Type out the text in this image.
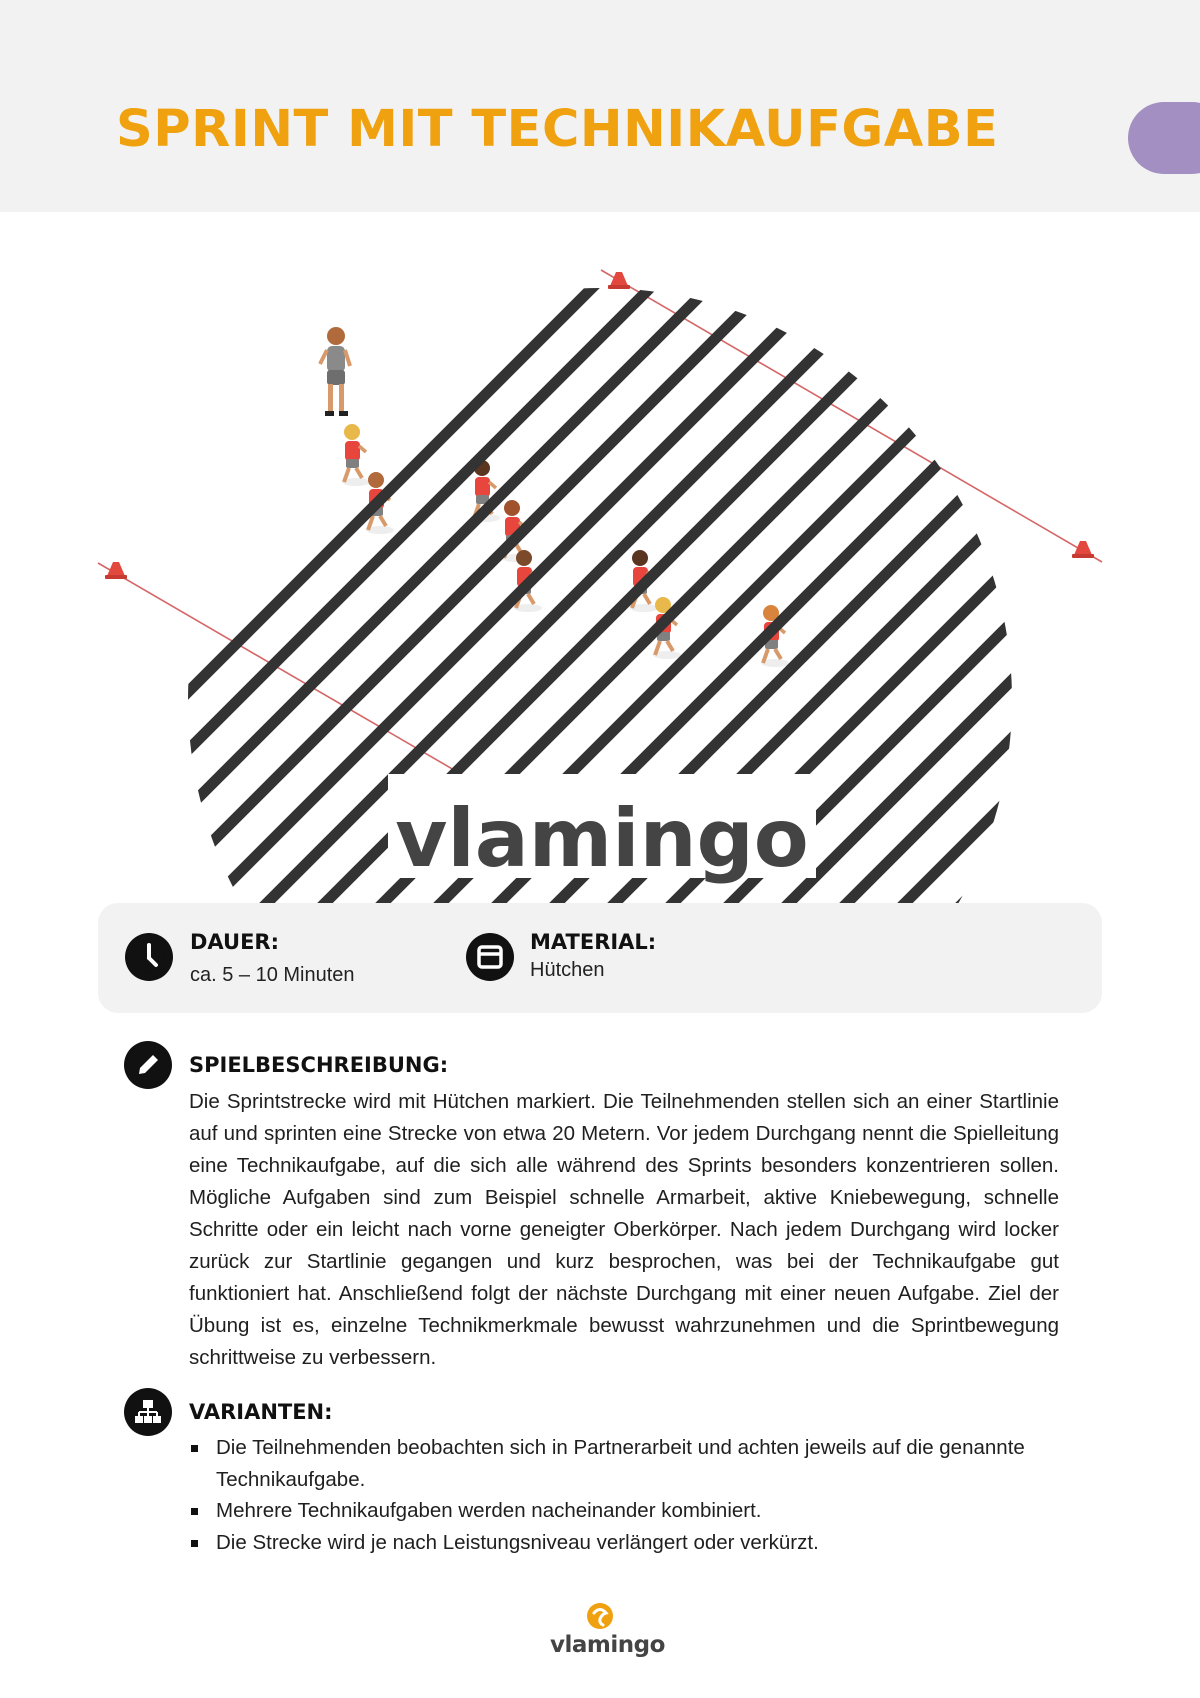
SPRINT MIT TECHNIKAUFGABE
vlamingo
DAUER:
ca. 5 – 10 Minuten
MATERIAL:
Hütchen
SPIELBESCHREIBUNG:

Die Sprintstrecke wird mit Hütchen markiert. Die Teilnehmenden stellen sich an einer Startlinie auf und sprinten eine Strecke von etwa 20 Metern. Vor jedem Durchgang nennt die Spielleitung eine Technikaufgabe, auf die sich alle während des Sprints besonders konzentrieren sollen. Mögliche Aufgaben sind zum Beispiel schnelle Armarbeit, aktive Kniebewegung, schnelle Schritte oder ein leicht nach vorne geneigter Oberkörper. Nach jedem Durchgang wird locker zurück zur Startlinie gegangen und kurz besprochen, was bei der Technikaufgabe gut funktioniert hat. Anschließend folgt der nächste Durchgang mit einer neuen Aufgabe. Ziel der Übung ist es, einzelne Technikmerkmale bewusst wahrzunehmen und die Sprintbewegung schrittweise zu verbessern.

VARIANTEN:
Die Teilnehmenden beobachten sich in Partnerarbeit und achten jeweils auf die genannte Technikaufgabe.
Mehrere Technikaufgaben werden nacheinander kombiniert.
Die Strecke wird je nach Leistungsniveau verlängert oder verkürzt.
vlamingo
